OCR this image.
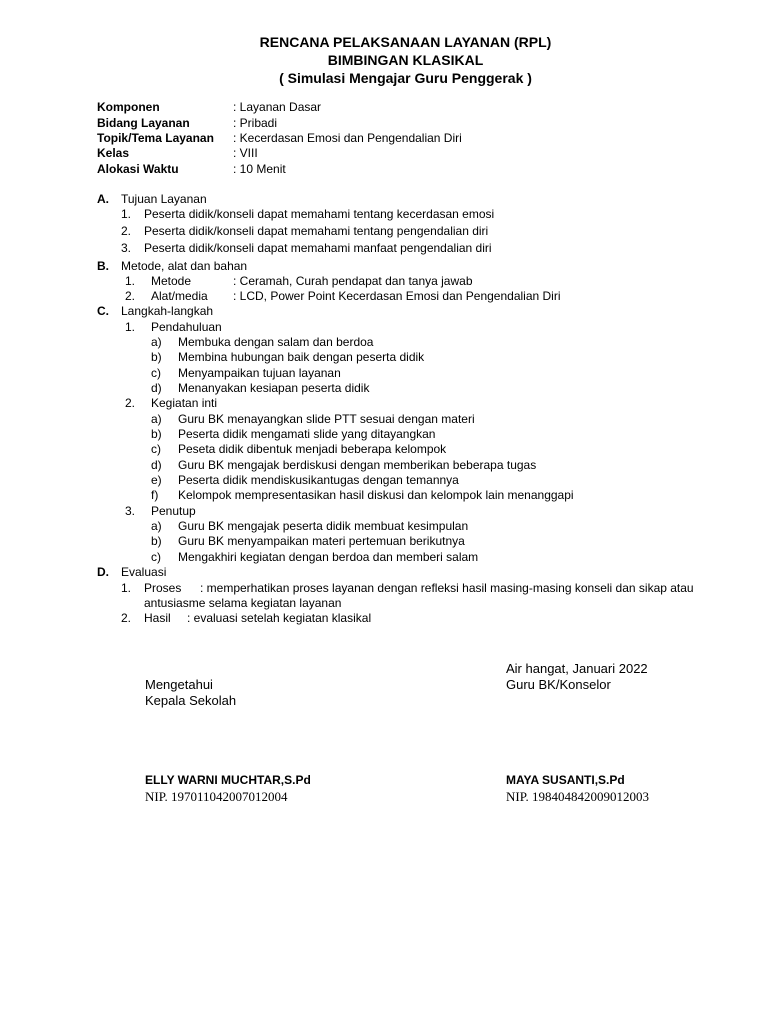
RENCANA PELAKSANAAN LAYANAN (RPL)
BIMBINGAN KLASIKAL
( Simulasi Mengajar Guru Penggerak )
Komponen	: Layanan Dasar
Bidang Layanan	: Pribadi
Topik/Tema Layanan : Kecerdasan Emosi dan Pengendalian Diri
Kelas	: VIII
Alokasi Waktu	: 10 Menit
A. Tujuan Layanan
1. Peserta didik/konseli dapat memahami tentang kecerdasan emosi
2. Peserta didik/konseli dapat memahami tentang pengendalian diri
3. Peserta didik/konseli dapat memahami manfaat pengendalian diri
B. Metode, alat dan bahan
1. Metode	: Ceramah, Curah pendapat dan tanya jawab
2. Alat/media : LCD, Power Point Kecerdasan Emosi dan Pengendalian Diri
C. Langkah-langkah
1. Pendahuluan
a) Membuka dengan salam dan berdoa
b) Membina hubungan baik dengan peserta didik
c) Menyampaikan tujuan layanan
d) Menanyakan kesiapan peserta didik
2. Kegiatan inti
a) Guru BK menayangkan slide PTT sesuai dengan materi
b) Peserta didik mengamati slide yang ditayangkan
c) Peseta didik dibentuk menjadi beberapa kelompok
d) Guru BK mengajak berdiskusi dengan memberikan beberapa tugas
e) Peserta didik mendiskusikantugas dengan temannya
f) Kelompok mempresentasikan hasil diskusi dan kelompok lain menanggapi
3. Penutup
a) Guru BK mengajak peserta didik membuat kesimpulan
b) Guru BK menyampaikan materi pertemuan berikutnya
c) Mengakhiri kegiatan dengan berdoa dan memberi salam
D. Evaluasi
1. Proses : memperhatikan proses layanan dengan refleksi hasil masing-masing konseli dan sikap atau
antusiasme selama kegiatan layanan
2. Hasil : evaluasi setelah kegiatan klasikal
Air hangat, Januari 2022
Mengetahui	Guru BK/Konselor
Kepala Sekolah
ELLY WARNI MUCHTAR,S.Pd
NIP. 197011042007012004
MAYA SUSANTI,S.Pd
NIP. 198404842009012003
